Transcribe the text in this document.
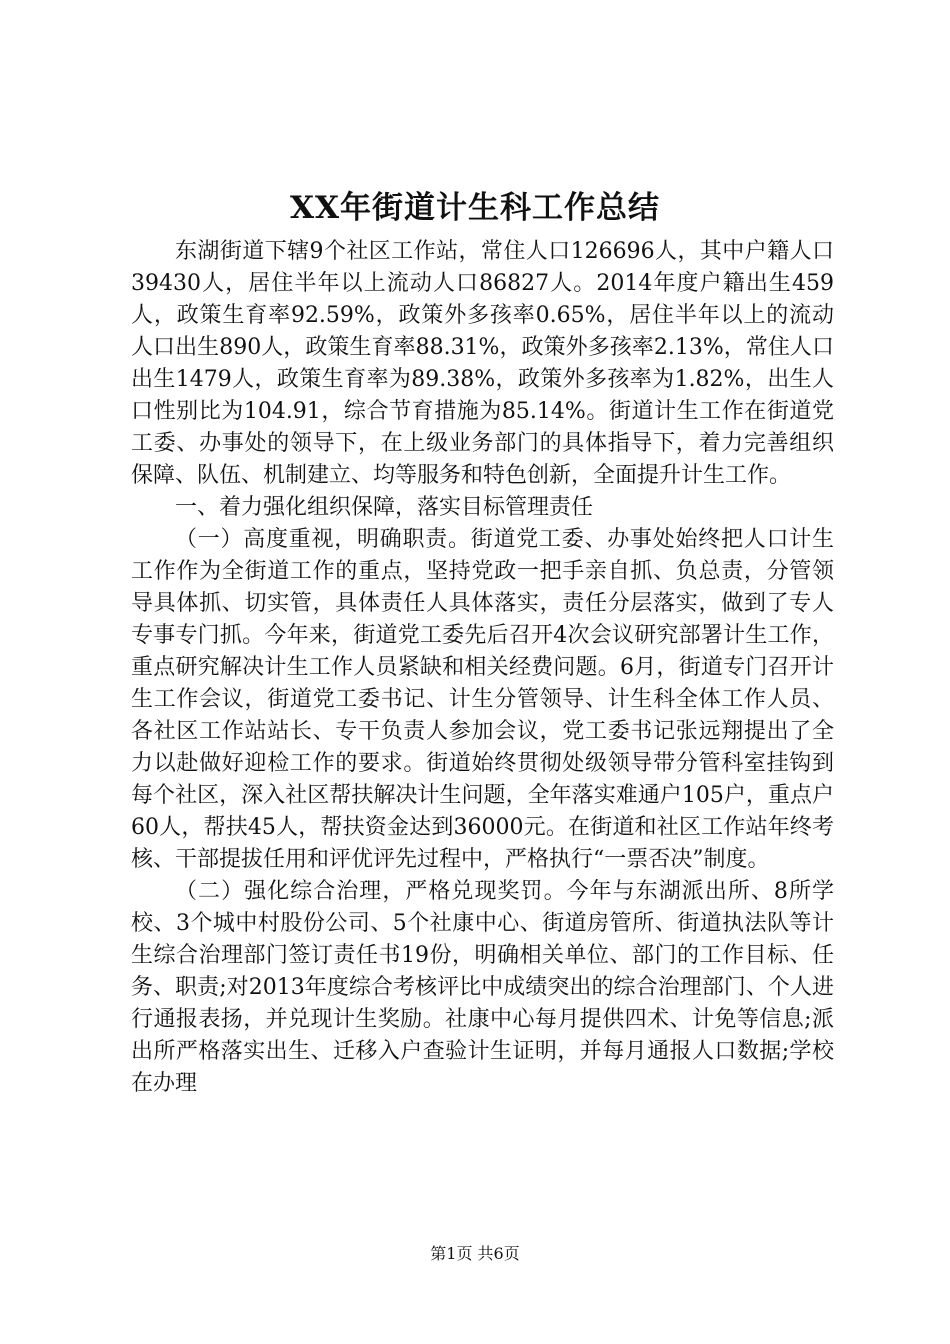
XX年街道计生科工作总结

东湖街道下辖9个社区工作站，常住人口126696人，其中户籍人口39430人，居住半年以上流动人口86827人。2014年度户籍出生459人，政策生育率92.59%，政策外多孩率0.65%，居住半年以上的流动人口出生890人，政策生育率88.31%，政策外多孩率2.13%，常住人口出生1479人，政策生育率为89.38%，政策外多孩率为1.82%，出生人口性别比为104.91，综合节育措施为85.14%。街道计生工作在街道党工委、办事处的领导下，在上级业务部门的具体指导下，着力完善组织保障、队伍、机制建立、均等服务和特色创新，全面提升计生工作。

一、着力强化组织保障，落实目标管理责任

（一）高度重视，明确职责。街道党工委、办事处始终把人口计生工作作为全街道工作的重点，坚持党政一把手亲自抓、负总责，分管领导具体抓、切实管，具体责任人具体落实，责任分层落实，做到了专人专事专门抓。今年来，街道党工委先后召开4次会议研究部署计生工作，重点研究解决计生工作人员紧缺和相关经费问题。6月，街道专门召开计生工作会议，街道党工委书记、计生分管领导、计生科全体工作人员、各社区工作站站长、专干负责人参加会议，党工委书记张远翔提出了全力以赴做好迎检工作的要求。街道始终贯彻处级领导带分管科室挂钩到每个社区，深入社区帮扶解决计生问题，全年落实难通户105户，重点户60人，帮扶45人，帮扶资金达到36000元。在街道和社区工作站年终考核、干部提拔任用和评优评先过程中，严格执行“一票否决”制度。

（二）强化综合治理，严格兑现奖罚。今年与东湖派出所、8所学校、3个城中村股份公司、5个社康中心、街道房管所、街道执法队等计生综合治理部门签订责任书19份，明确相关单位、部门的工作目标、任务、职责;对2013年度综合考核评比中成绩突出的综合治理部门、个人进行通报表扬，并兑现计生奖励。社康中心每月提供四术、计免等信息;派出所严格落实出生、迁移入户查验计生证明，并每月通报人口数据;学校在办理

第1页 共6页
